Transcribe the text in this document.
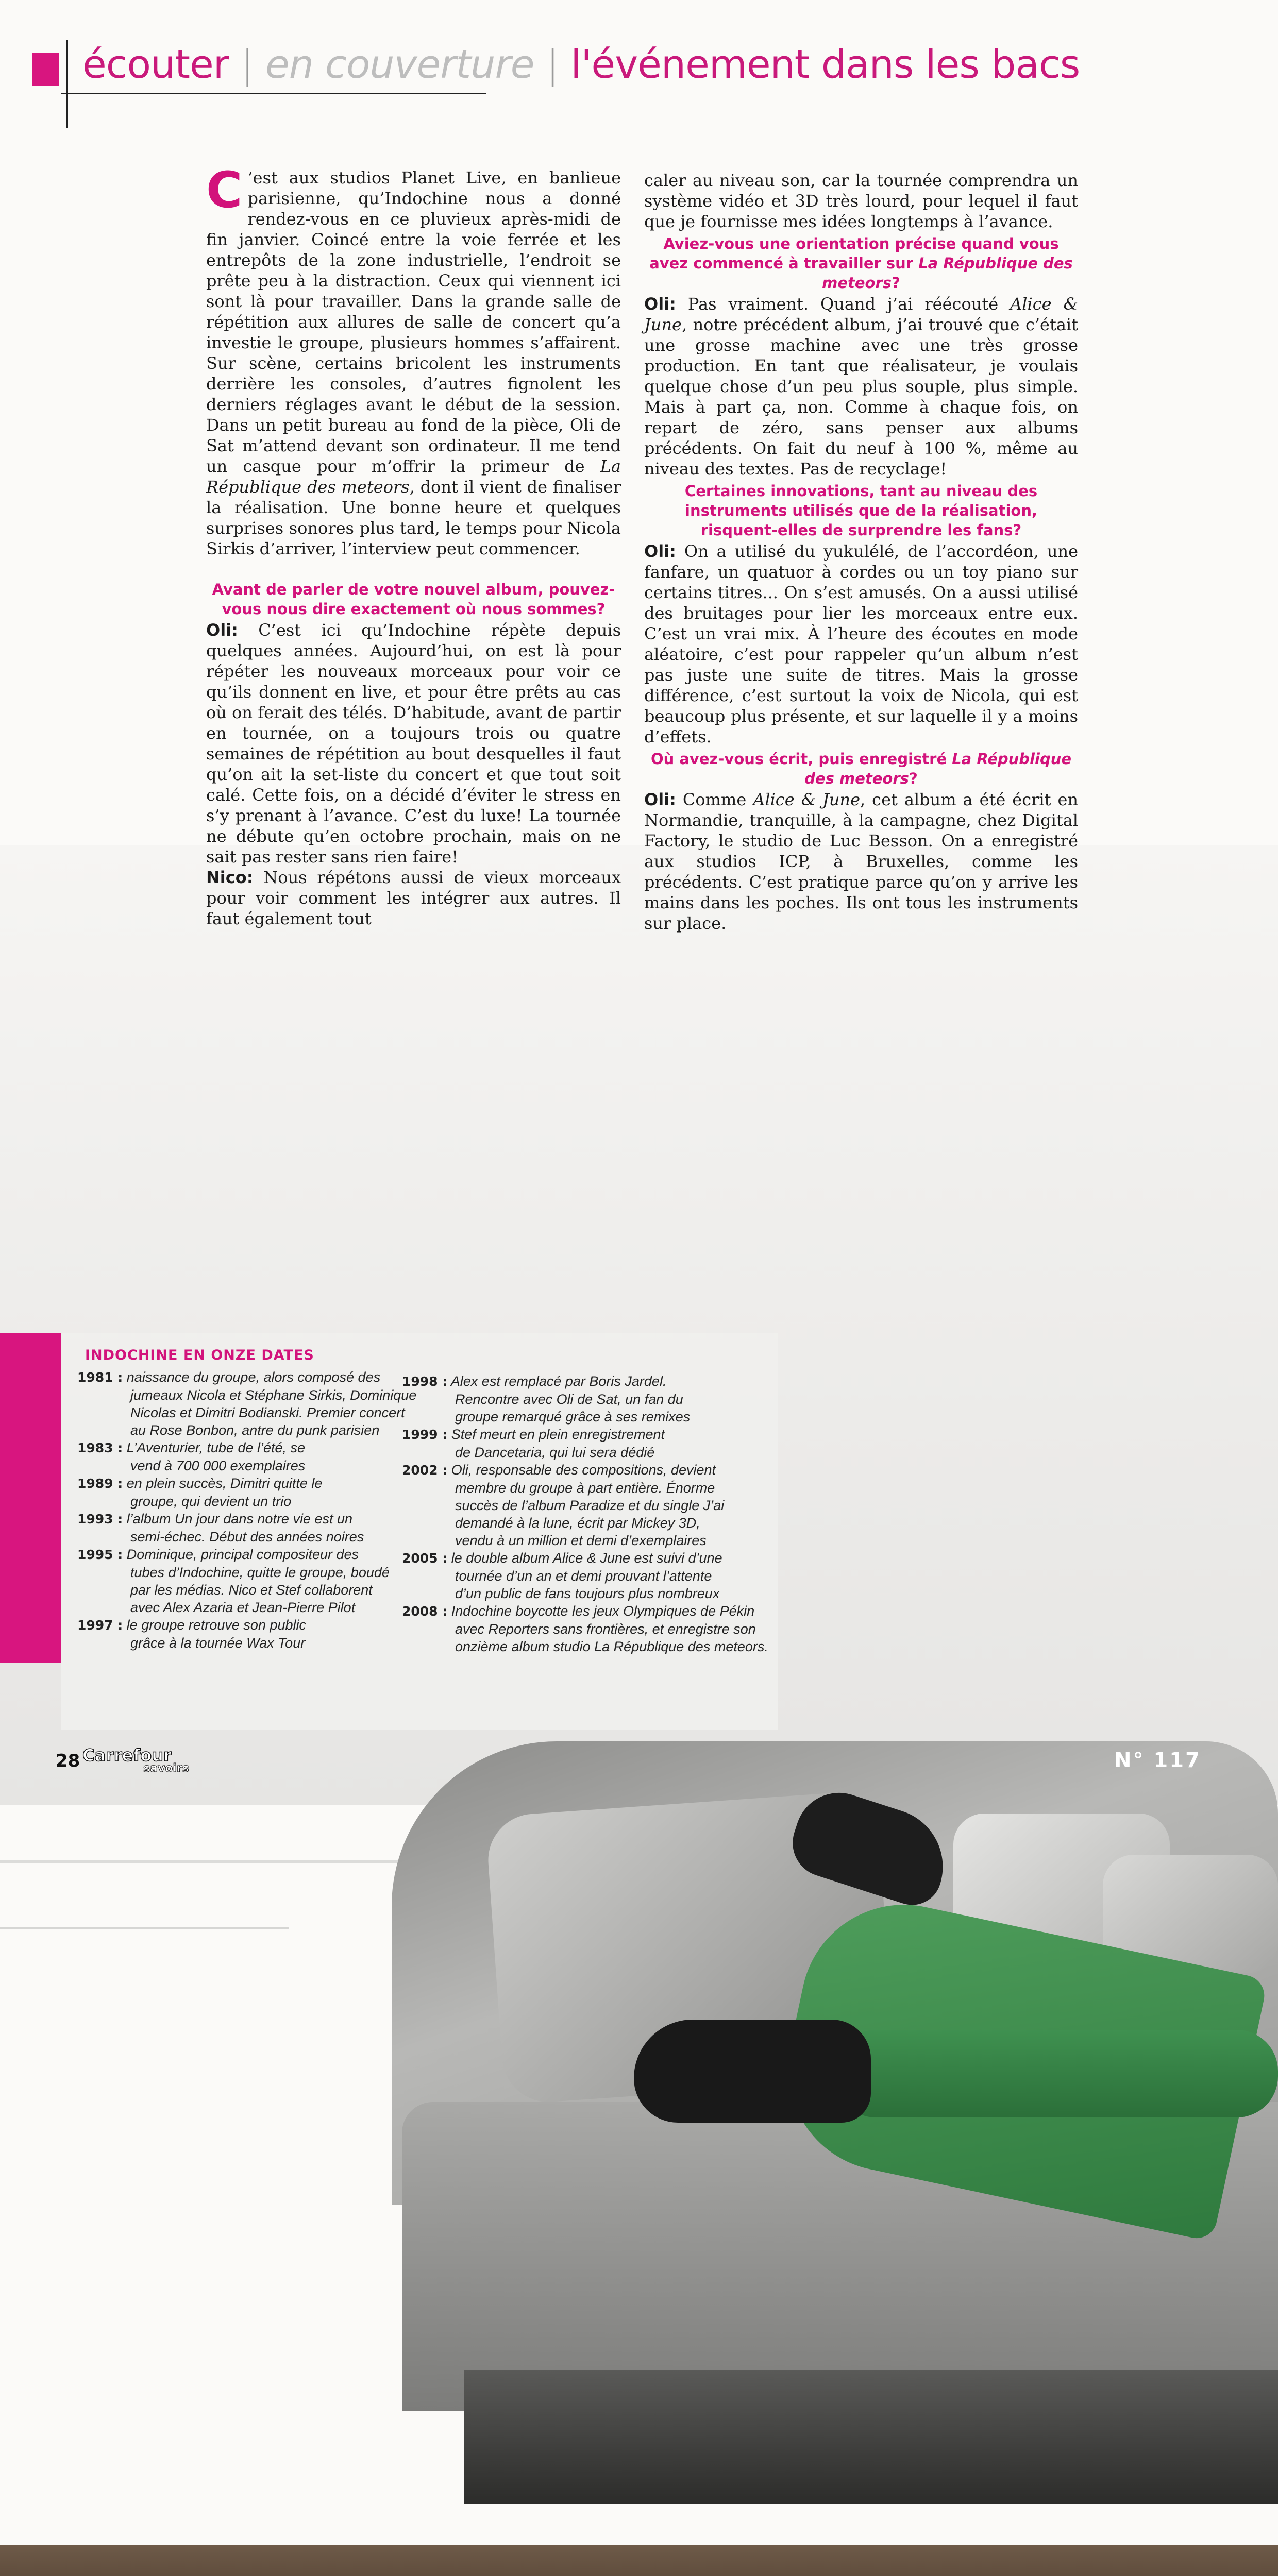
écouter | en couverture | l'événement dans les bacs

C ’est aux studios Planet Live, en banlieue parisienne, qu’Indochine nous a donné rendez-vous en ce pluvieux après-midi de fin janvier. Coincé entre la voie ferrée et les entrepôts de la zone industrielle, l’endroit se prête peu à la distraction. Ceux qui viennent ici sont là pour travailler. Dans la grande salle de répétition aux allures de salle de concert qu’a investie le groupe, plusieurs hommes s’affairent. Sur scène, certains bricolent les instruments derrière les consoles, d’autres fignolent les derniers réglages avant le début de la session. Dans un petit bureau au fond de la pièce, Oli de Sat m’attend devant son ordinateur. Il me tend un casque pour m’offrir la primeur de La République des meteors, dont il vient de finaliser la réalisation. Une bonne heure et quelques surprises sonores plus tard, le temps pour Nicola Sirkis d’arriver, l’interview peut commencer.

Avant de parler de votre nouvel album, pouvez-vous nous dire exactement où nous sommes?

Oli: C’est ici qu’Indochine répète depuis quelques années. Aujourd’hui, on est là pour répéter les nouveaux morceaux pour voir ce qu’ils donnent en live, et pour être prêts au cas où on ferait des télés. D’habitude, avant de partir en tournée, on a toujours trois ou quatre semaines de répétition au bout desquelles il faut qu’on ait la set-liste du concert et que tout soit calé. Cette fois, on a décidé d’éviter le stress en s’y prenant à l’avance. C’est du luxe! La tournée ne débute qu’en octobre prochain, mais on ne sait pas rester sans rien faire!

Nico: Nous répétons aussi de vieux morceaux pour voir comment les intégrer aux autres. Il faut également tout

caler au niveau son, car la tournée comprendra un système vidéo et 3D très lourd, pour lequel il faut que je fournisse mes idées longtemps à l’avance.

Aviez-vous une orientation précise quand vous avez commencé à travailler sur La République des meteors?

Oli: Pas vraiment. Quand j’ai réécouté Alice & June, notre précédent album, j’ai trouvé que c’était une grosse machine avec une très grosse production. En tant que réalisateur, je voulais quelque chose d’un peu plus souple, plus simple. Mais à part ça, non. Comme à chaque fois, on repart de zéro, sans penser aux albums précédents. On fait du neuf à 100 %, même au niveau des textes. Pas de recyclage!

Certaines innovations, tant au niveau des instruments utilisés que de la réalisation, risquent-elles de surprendre les fans?

Oli: On a utilisé du yukulélé, de l’accordéon, une fanfare, un quatuor à cordes ou un toy piano sur certains titres... On s’est amusés. On a aussi utilisé des bruitages pour lier les morceaux entre eux. C’est un vrai mix. À l’heure des écoutes en mode aléatoire, c’est pour rappeler qu’un album n’est pas juste une suite de titres. Mais la grosse différence, c’est surtout la voix de Nicola, qui est beaucoup plus présente, et sur laquelle il y a moins d’effets.

Où avez-vous écrit, puis enregistré La République des meteors?

Oli: Comme Alice & June, cet album a été écrit en Normandie, tranquille, à la campagne, chez Digital Factory, le studio de Luc Besson. On a enregistré aux studios ICP, à Bruxelles, comme les précédents. C’est pratique parce qu’on y arrive les mains dans les poches. Ils ont tous les instruments sur place.

INDOCHINE EN ONZE DATES
1981 : naissance du groupe, alors composé des
jumeaux Nicola et Stéphane Sirkis, Dominique
Nicolas et Dimitri Bodianski. Premier concert
au Rose Bonbon, antre du punk parisien
1983 : L’Aventurier, tube de l’été, se
vend à 700 000 exemplaires
1989 : en plein succès, Dimitri quitte le
groupe, qui devient un trio
1993 : l’album Un jour dans notre vie est un
semi-échec. Début des années noires
1995 : Dominique, principal compositeur des
tubes d’Indochine, quitte le groupe, boudé
par les médias. Nico et Stef collaborent
avec Alex Azaria et Jean-Pierre Pilot
1997 : le groupe retrouve son public
grâce à la tournée Wax Tour
1998 : Alex est remplacé par Boris Jardel.
Rencontre avec Oli de Sat, un fan du
groupe remarqué grâce à ses remixes
1999 : Stef meurt en plein enregistrement
de Dancetaria, qui lui sera dédié
2002 : Oli, responsable des compositions, devient
membre du groupe à part entière. Énorme
succès de l’album Paradize et du single J’ai
demandé à la lune, écrit par Mickey 3D,
vendu à un million et demi d’exemplaires
2005 : le double album Alice & June est suivi d’une
tournée d’un an et demi prouvant l’attente
d’un public de fans toujours plus nombreux
2008 : Indochine boycotte les jeux Olympiques de Pékin
avec Reporters sans frontières, et enregistre son
onzième album studio La République des meteors.
28 Carrefour
savoirs	N° 117
